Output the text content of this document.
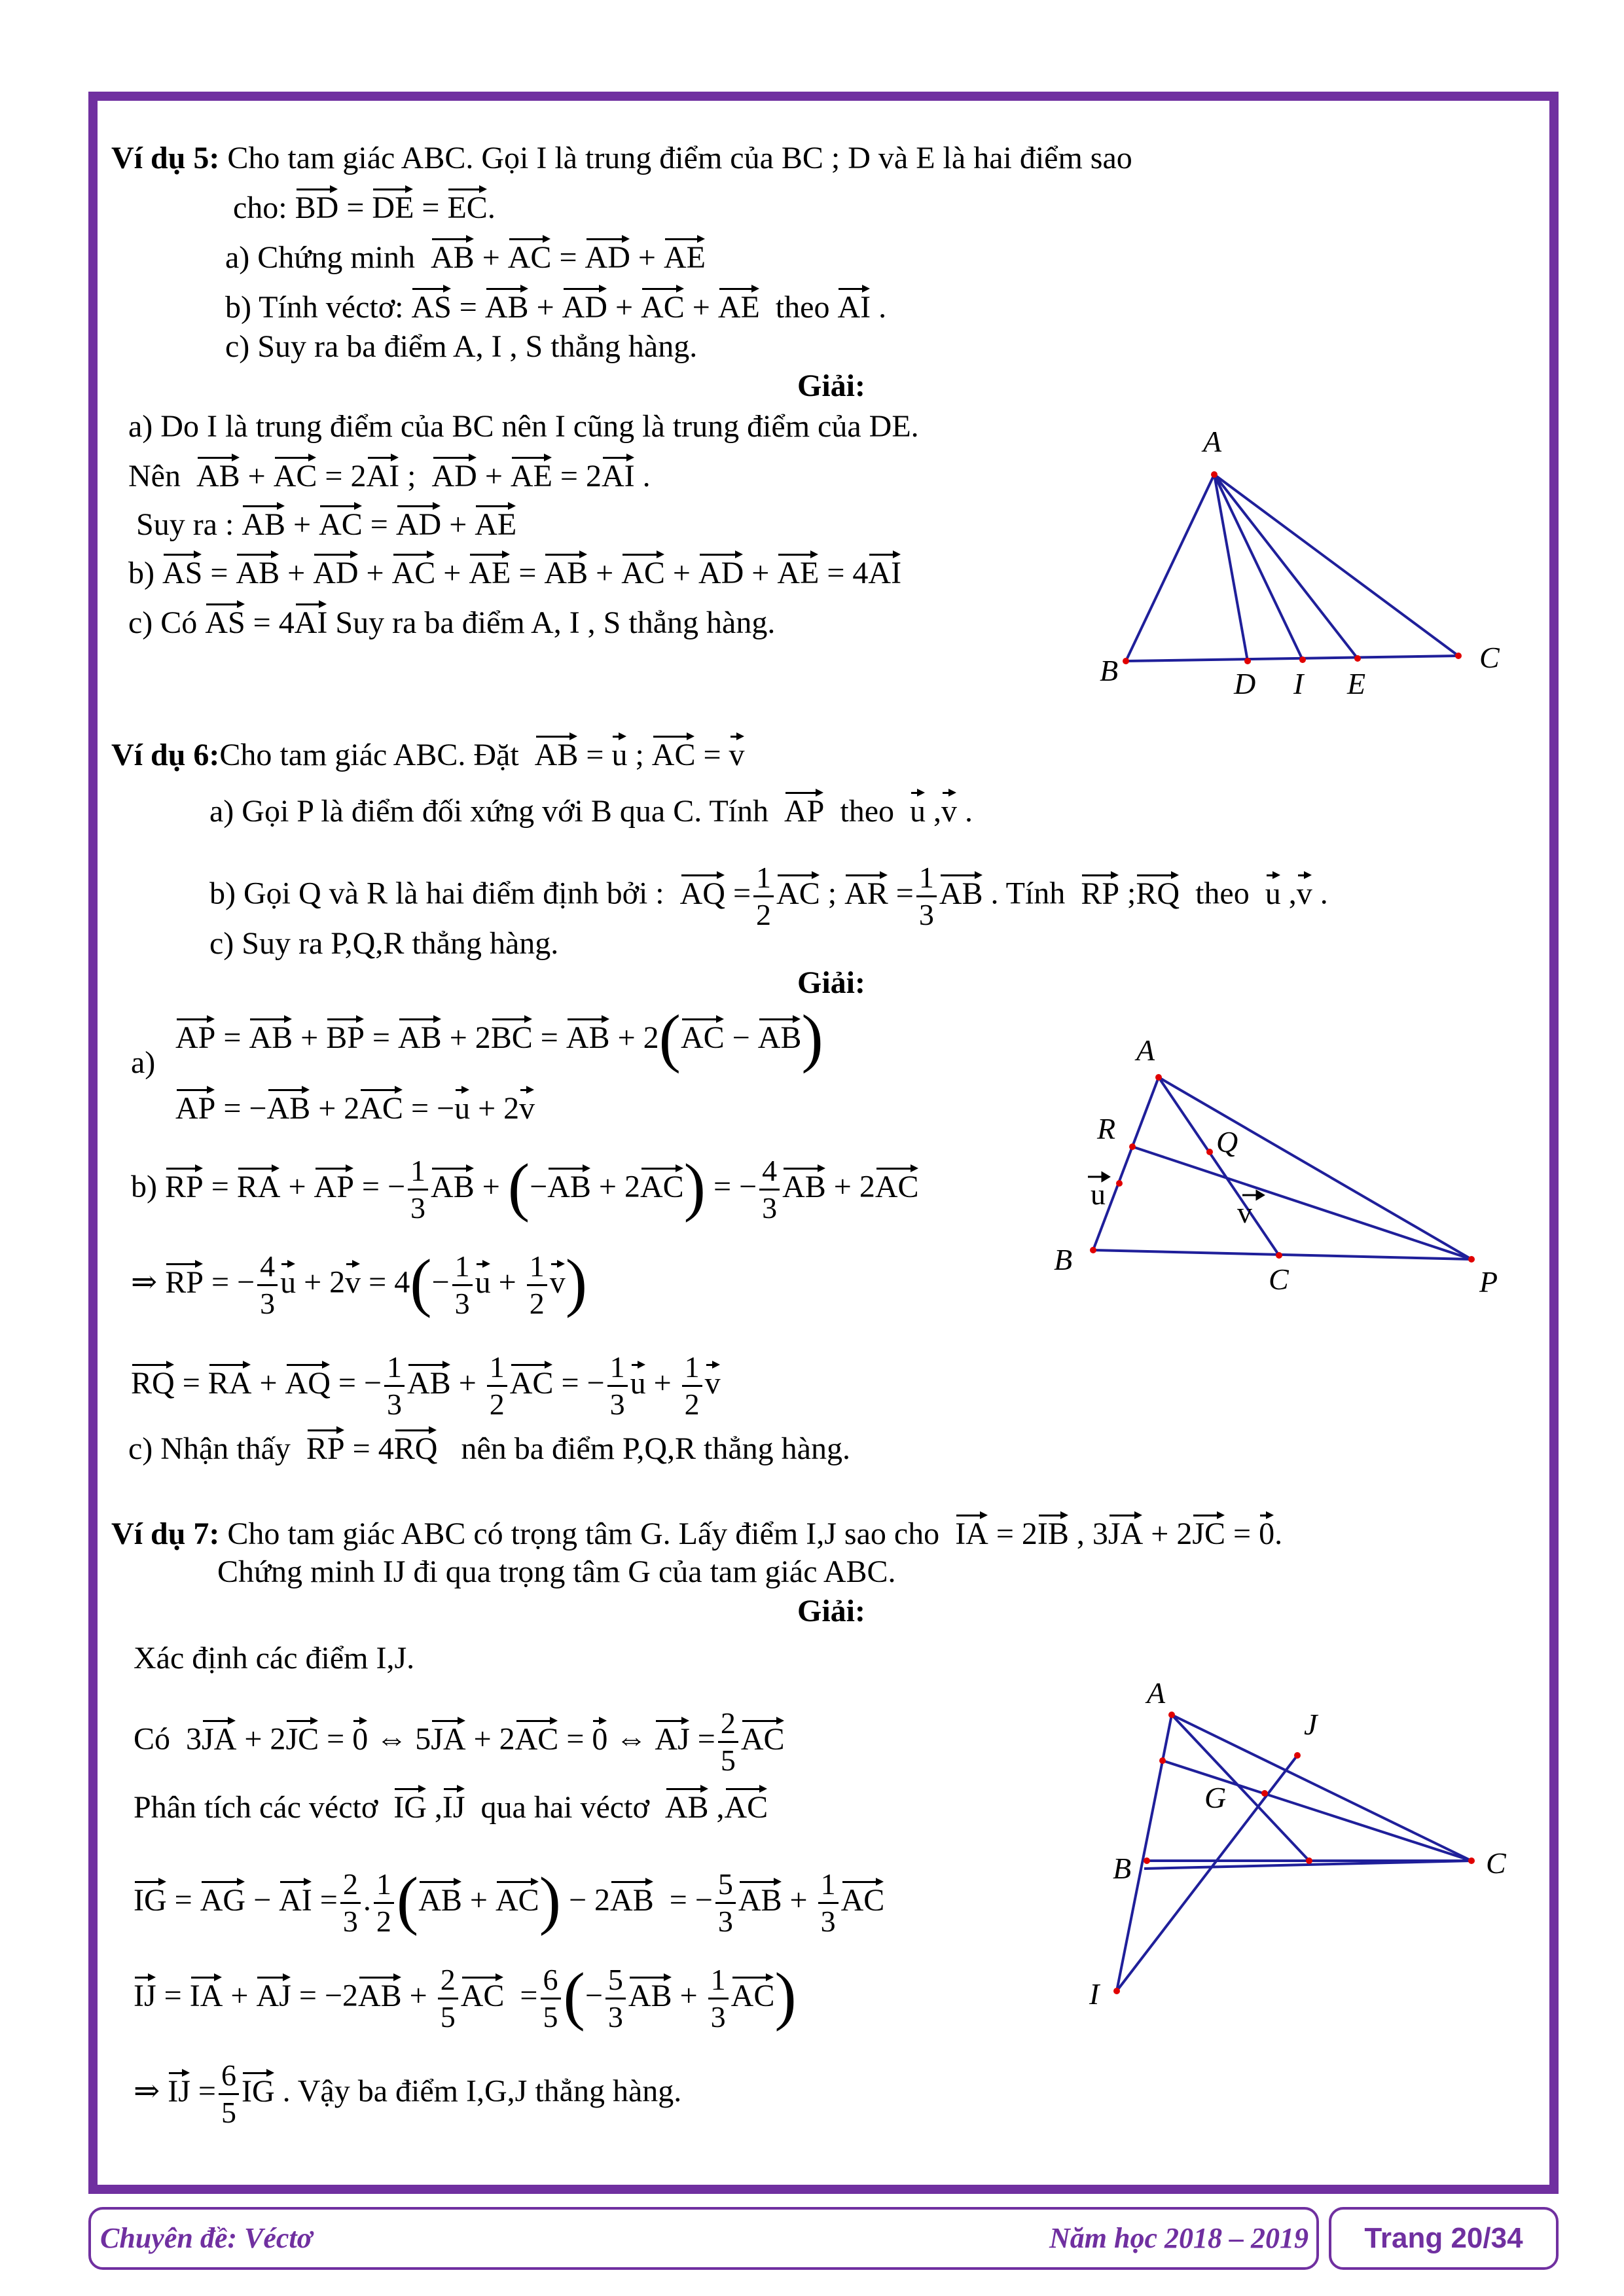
Ví dụ 5: Cho tam giác ABC. Gọi I là trung điểm của BC ; D và E là hai điểm sao
cho: BD = DE = EC.
a) Chứng minh AB + AC = AD + AE
b) Tính véctơ: AS = AB + AD + AC + AE theo AI .
c) Suy ra ba điểm A, I , S thẳng hàng.
Giải:
a) Do I là trung điểm của BC nên I cũng là trung điểm của DE.
Nên AB + AC = 2AI ;  AD + AE = 2AI .
Suy ra : AB + AC = AD + AE
b) AS = AB + AD + AC + AE = AB + AC + AD + AE = 4AI
c) Có AS = 4AI Suy ra ba điểm A, I , S thẳng hàng.
A
B	C
D I E
Ví dụ 6:Cho tam giác ABC. Đặt AB = u ; AC = v
a) Gọi P là điểm đối xứng với B qua C. Tính AP theo u ,v .
b) Gọi Q và R là hai điểm định bởi : AQ = $\frac{1}{2}$ AC ; AR = $\frac{1}{3}$ AB . Tính RP ;RQ theo u ,v .
c) Suy ra P,Q,R thẳng hàng.
Giải:
a)
AP = AB + BP = AB + 2BC = AB + 2(AC − AB)
AP = −AB + 2AC = −u + 2v
b) RP = RA + AP = − $\frac{1}{3}$ AB + (−AB + 2AC) = − $\frac{4}{3}$ AB + 2AC
⇒ RP = − $\frac{4}{3}$ $u + 2v = 4(- \frac{1}{3}$ $u + \frac{1}{2} v$)
RQ = RA + AQ = − $\frac{1}{3}$ AB + $\frac{1}{2}$ AC = − $\frac{1}{3}$ $u + \frac{1}{2}$ v
c) Nhận thấy RP = 4RQ nên ba điểm P,Q,R thẳng hàng.
A
R	Q
u
v
B
C	P
Ví dụ 7: Cho tam giác ABC có trọng tâm G. Lấy điểm I,J sao cho IA = 2IB , 3JA + 2JC = 0.
Chứng minh IJ đi qua trọng tâm G của tam giác ABC.
Giải:
Xác định các điểm I,J.
Có  3JA + 2JC = 0 ⇔ 5JA + 2AC = 0 ⇔ AJ = $\frac{2}{5}$ AC
Phân tích các véctơ IG ,IJ qua hai véctơ AB ,AC
IG = AG − AI = $\frac{2}{3}$ . $\frac{1}{2} (AB + AC) - 2AB$  = − $\frac{5}{3}$ AB + $\frac{1}{3}$ AC
IJ = IA + AJ = $-2AB + \frac{2}{5}$ AC  = $\frac{6}{5}$ (− $\frac{5}{3}$ AB + $\frac{1}{3} AC$)
⇒ IJ = $\frac{6}{5}$ IG . Vậy ba điểm I,G,J thẳng hàng.
A
J
G
B	C
I
Chuyên đề: Véctơ	Năm học 2018 – 2019	Trang 20/34
